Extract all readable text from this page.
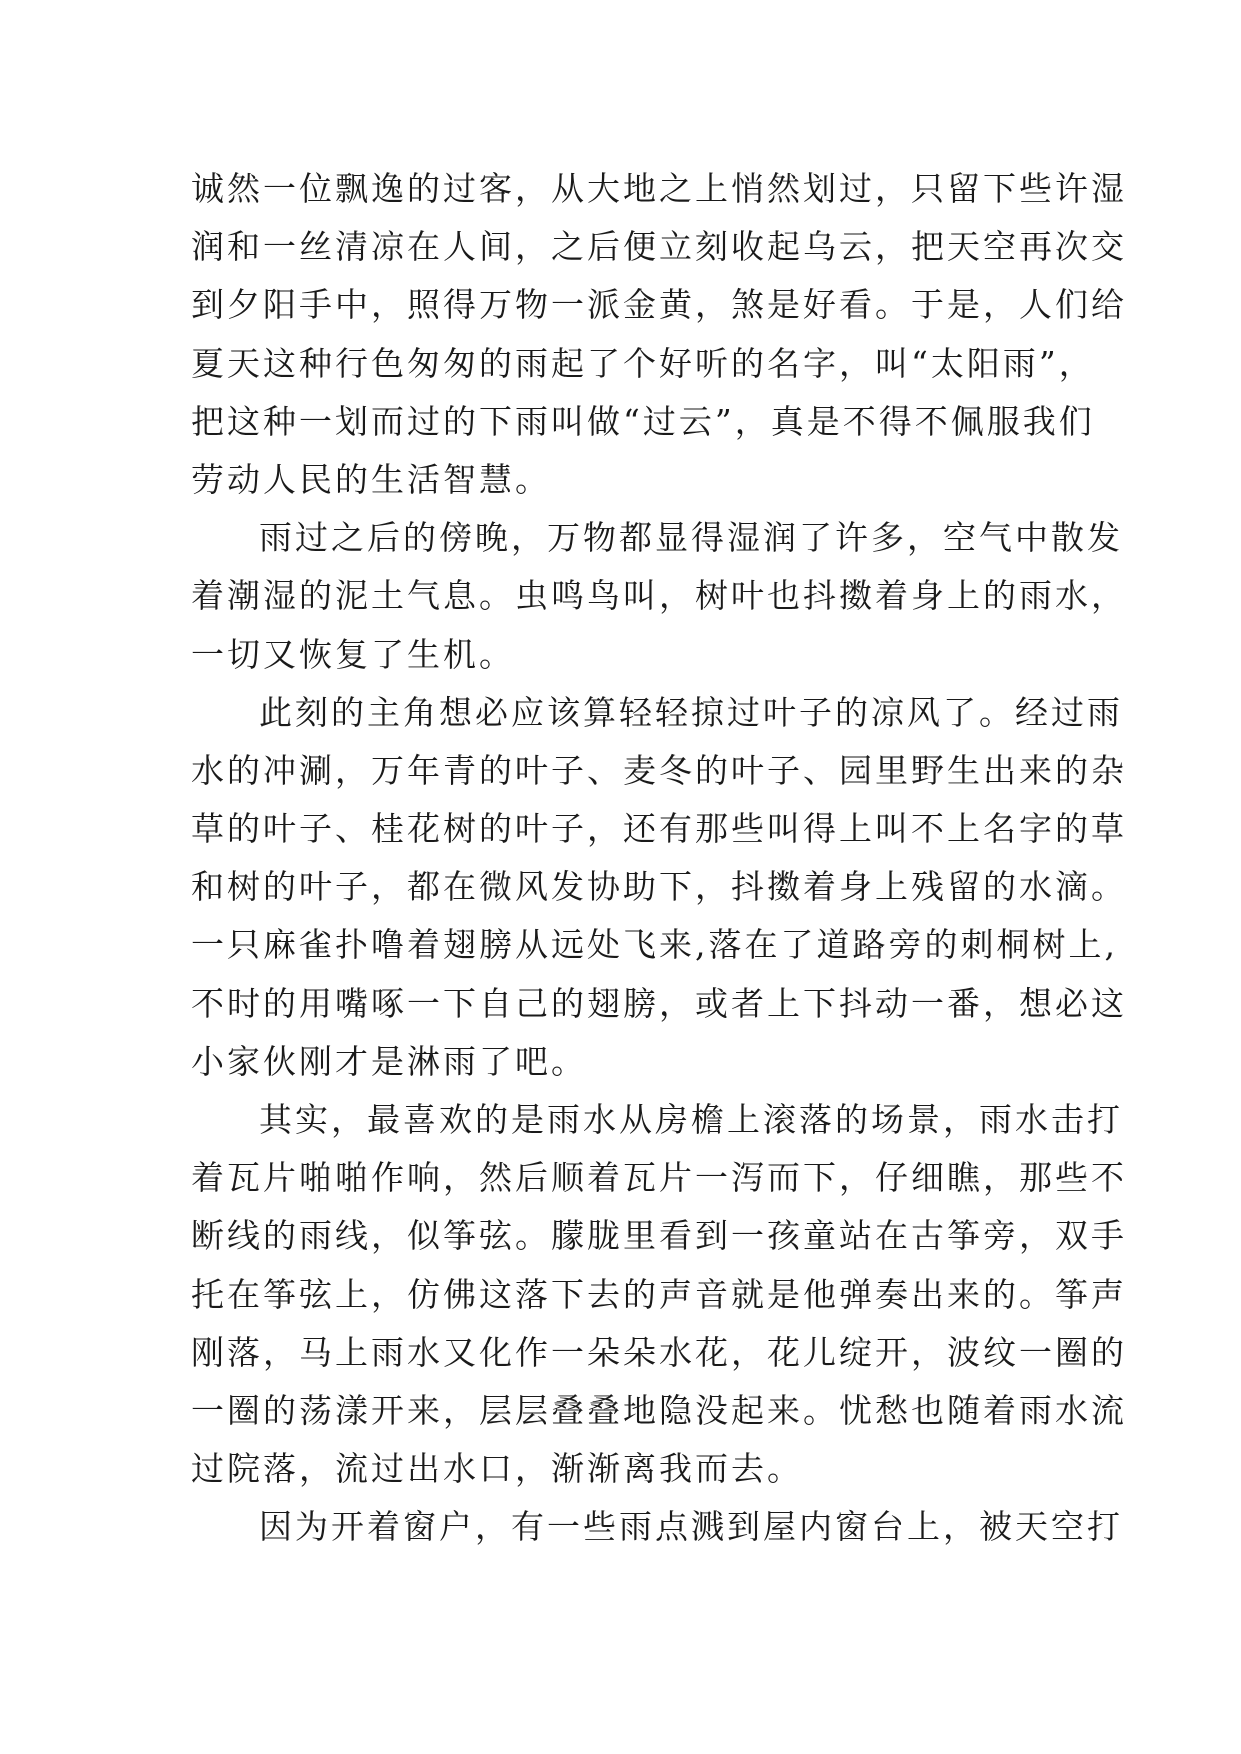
诚然一位飘逸的过客，从大地之上悄然划过，只留下些许湿
润和一丝清凉在人间，之后便立刻收起乌云，把天空再次交
到夕阳手中，照得万物一派金黄，煞是好看。于是，人们给
夏天这种行色匆匆的雨起了个好听的名字，叫“太阳雨”，
把这种一划而过的下雨叫做“过云”，真是不得不佩服我们
劳动人民的生活智慧。
雨过之后的傍晚，万物都显得湿润了许多，空气中散发
着潮湿的泥土气息。虫鸣鸟叫，树叶也抖擞着身上的雨水，
一切又恢复了生机。
此刻的主角想必应该算轻轻掠过叶子的凉风了。经过雨
水的冲涮，万年青的叶子、麦冬的叶子、园里野生出来的杂
草的叶子、桂花树的叶子，还有那些叫得上叫不上名字的草
和树的叶子，都在微风发协助下，抖擞着身上残留的水滴。
一只麻雀扑噜着翅膀从远处飞来,落在了道路旁的刺桐树上,
不时的用嘴啄一下自己的翅膀，或者上下抖动一番，想必这
小家伙刚才是淋雨了吧。
其实，最喜欢的是雨水从房檐上滚落的场景，雨水击打
着瓦片啪啪作响，然后顺着瓦片一泻而下，仔细瞧，那些不
断线的雨线，似筝弦。朦胧里看到一孩童站在古筝旁，双手
托在筝弦上，仿佛这落下去的声音就是他弹奏出来的。筝声
刚落，马上雨水又化作一朵朵水花，花儿绽开，波纹一圈的
一圈的荡漾开来，层层叠叠地隐没起来。忧愁也随着雨水流
过院落，流过出水口，渐渐离我而去。
因为开着窗户，有一些雨点溅到屋内窗台上，被天空打
